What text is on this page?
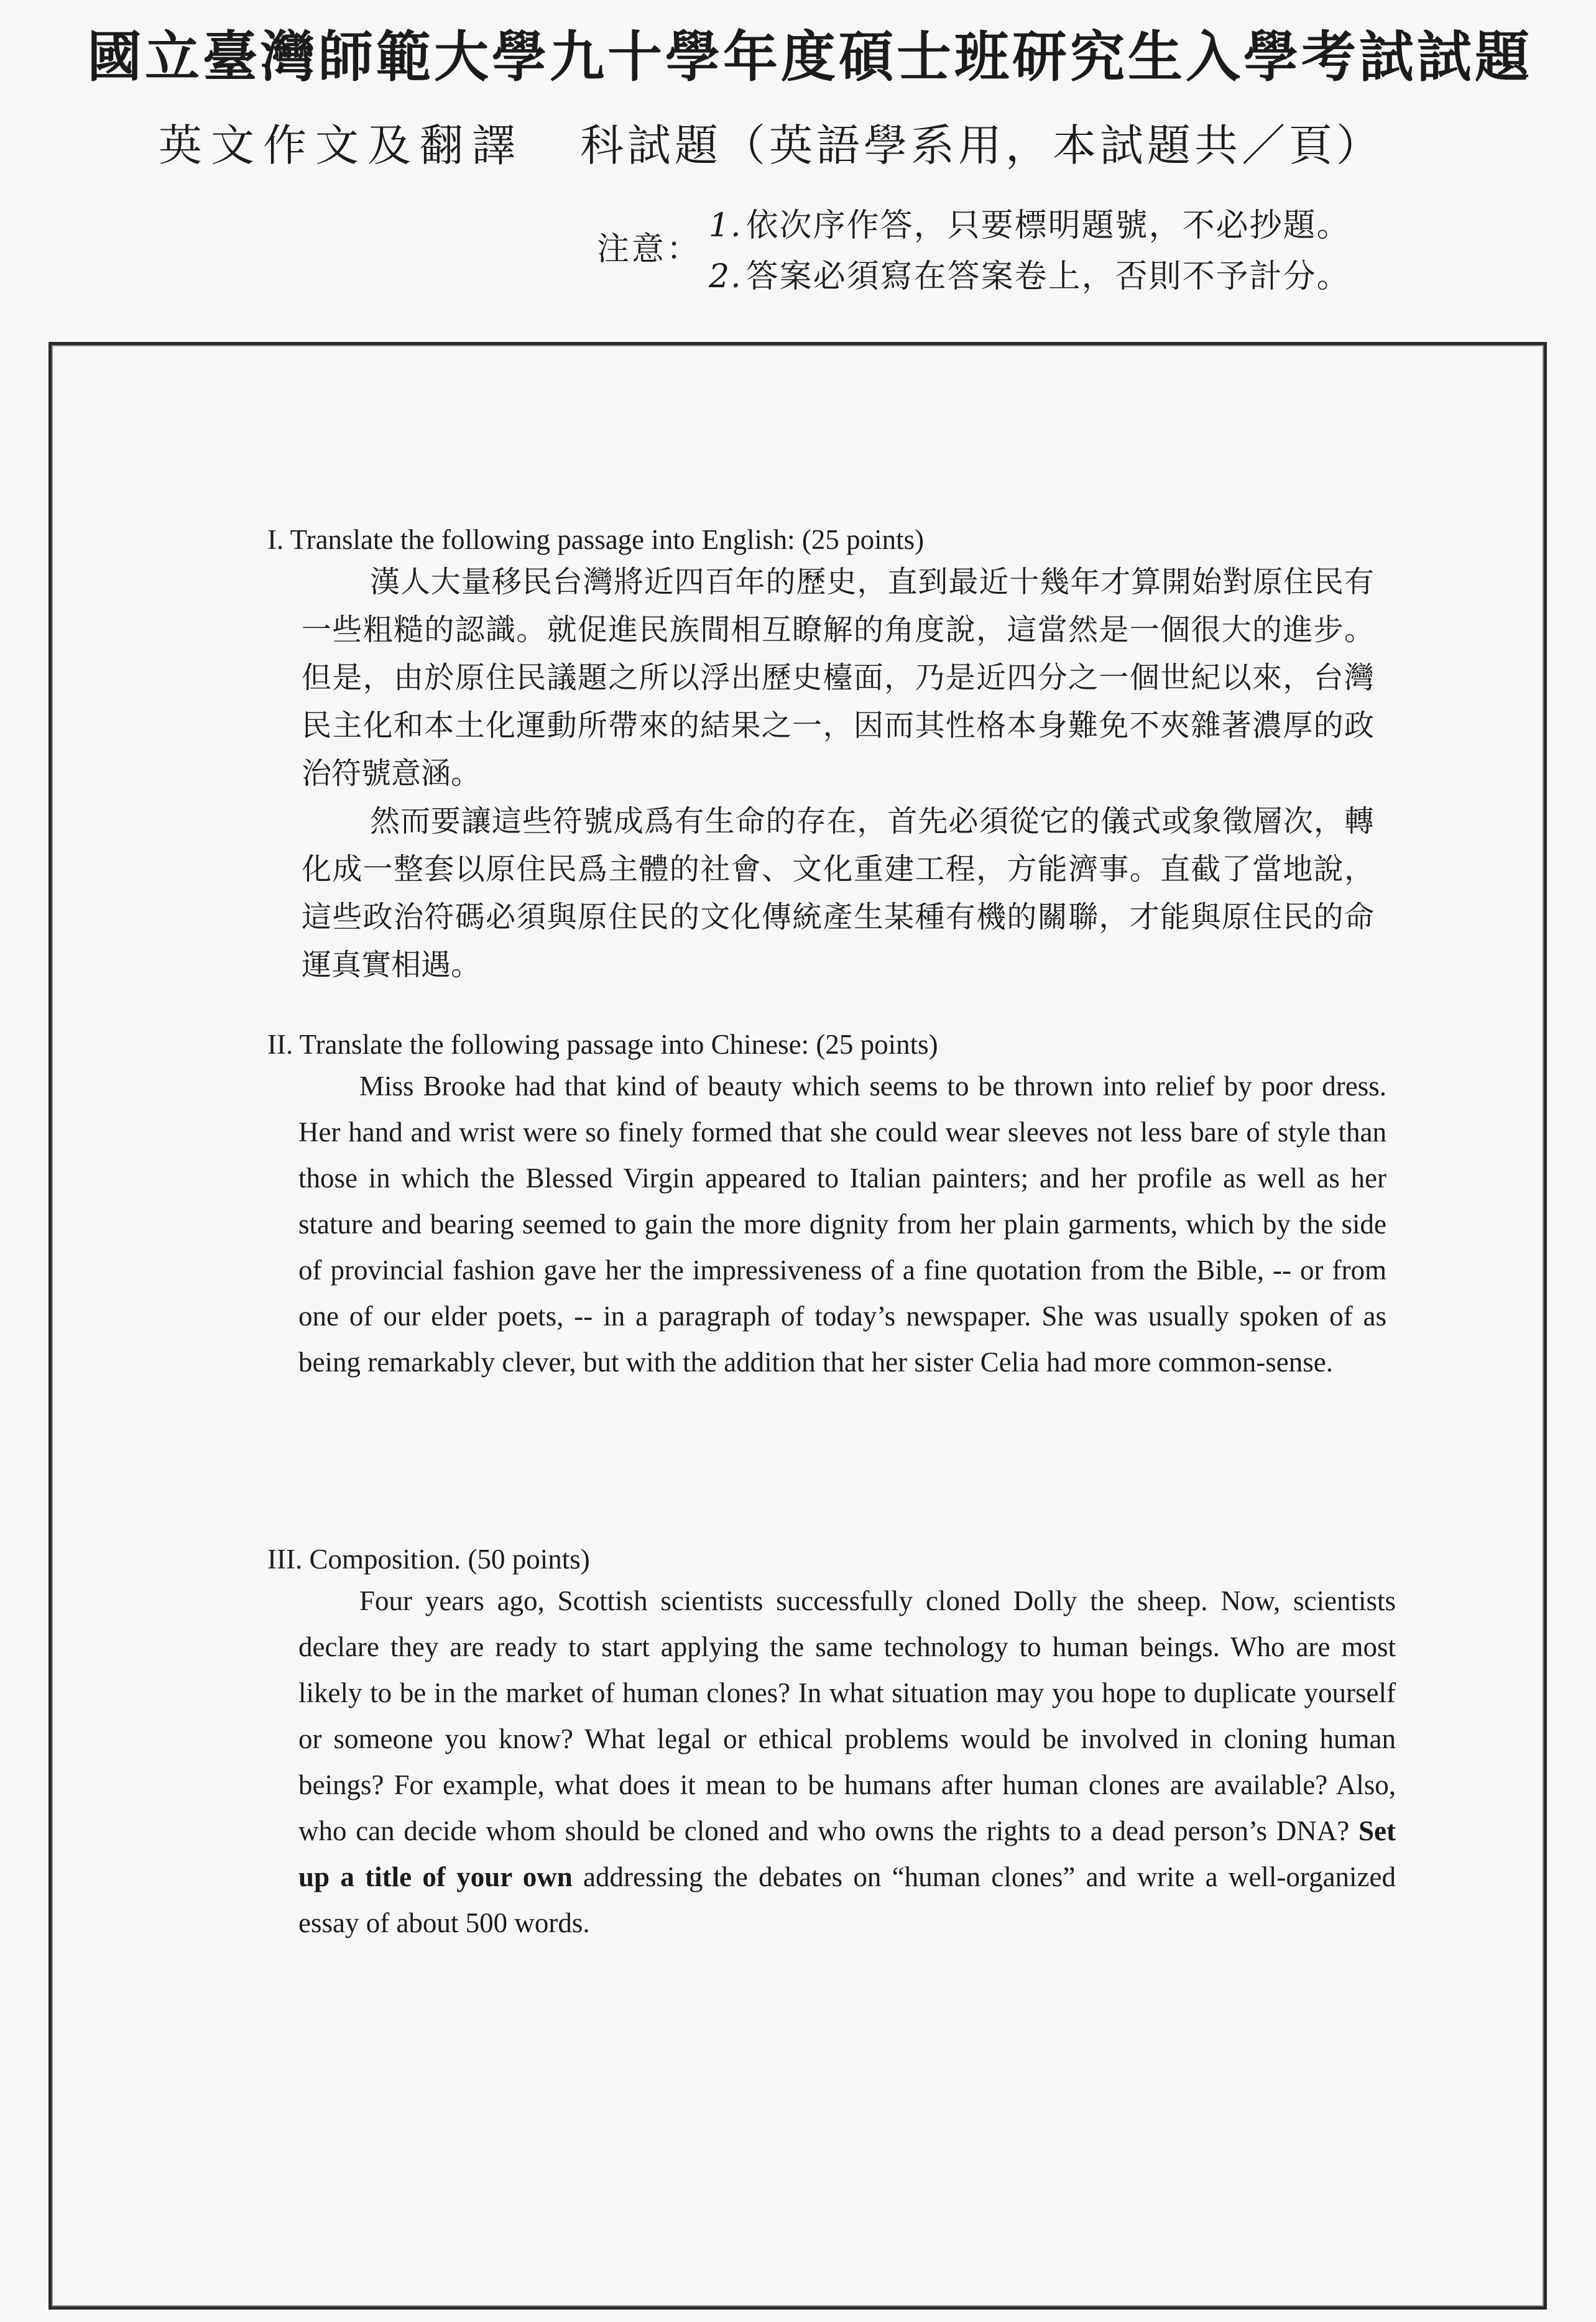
國立臺灣師範大學九十學年度碩士班研究生入學考試試題
英文作文及翻譯 科試題（英語學系用，本試題共／頁）
注意：
1. 依次序作答，只要標明題號，不必抄題。
2. 答案必須寫在答案卷上，否則不予計分。
I. Translate the following passage into English: (25 points)

漢人大量移民台灣將近四百年的歷史，直到最近十幾年才算開始對原住民有一些粗糙的認識。就促進民族間相互瞭解的角度說，這當然是一個很大的進步。但是，由於原住民議題之所以浮出歷史檯面，乃是近四分之一個世紀以來，台灣民主化和本土化運動所帶來的結果之一，因而其性格本身難免不夾雜著濃厚的政治符號意涵。

然而要讓這些符號成爲有生命的存在，首先必須從它的儀式或象徵層次，轉化成一整套以原住民爲主體的社會、文化重建工程，方能濟事。直截了當地說，這些政治符碼必須與原住民的文化傳統產生某種有機的關聯，才能與原住民的命運真實相遇。

II. Translate the following passage into Chinese: (25 points)

Miss Brooke had that kind of beauty which seems to be thrown into relief by poor dress. Her hand and wrist were so finely formed that she could wear sleeves not less bare of style than those in which the Blessed Virgin appeared to Italian painters; and her profile as well as her stature and bearing seemed to gain the more dignity from her plain garments, which by the side of provincial fashion gave her the impressiveness of a fine quotation from the Bible, -- or from one of our elder poets, -- in a paragraph of today’s newspaper. She was usually spoken of as being remarkably clever, but with the addition that her sister Celia had more common-sense.

III. Composition. (50 points)

Four years ago, Scottish scientists successfully cloned Dolly the sheep. Now, scientists declare they are ready to start applying the same technology to human beings. Who are most likely to be in the market of human clones? In what situation may you hope to duplicate yourself or someone you know? What legal or ethical problems would be involved in cloning human beings? For example, what does it mean to be humans after human clones are available? Also, who can decide whom should be cloned and who owns the rights to a dead person’s DNA? Set up a title of your own addressing the debates on “human clones” and write a well-organized essay of about 500 words.
